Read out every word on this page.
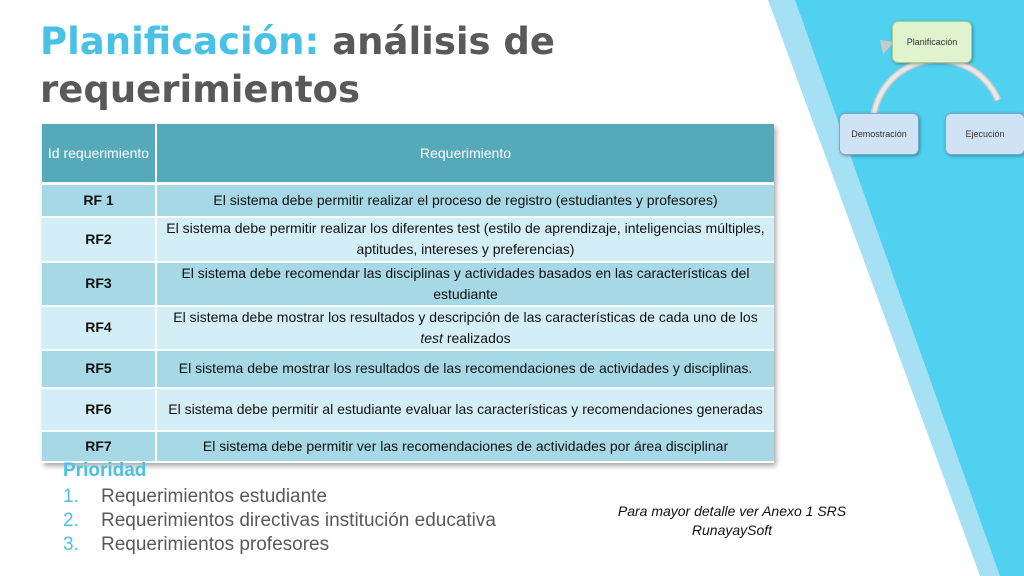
Planificación: análisis de requerimientos
Id requerimiento	Requerimiento
RF 1	El sistema debe permitir realizar el proceso de registro (estudiantes y profesores)
RF2	El sistema debe permitir realizar los diferentes test (estilo de aprendizaje, inteligencias múltiples, aptitudes, intereses y preferencias)
RF3	El sistema debe recomendar las disciplinas y actividades basados en las características del estudiante
RF4	El sistema debe mostrar los resultados y descripción de las características de cada uno de los test realizados
RF5	El sistema debe mostrar los resultados de las recomendaciones de actividades y disciplinas.
RF6	El sistema debe permitir al estudiante evaluar las características y recomendaciones generadas
RF7	El sistema debe permitir ver las recomendaciones de actividades por área disciplinar
Prioridad
1. Requerimientos estudiante
2. Requerimientos directivas institución educativa
3. Requerimientos profesores
Para mayor detalle ver Anexo 1 SRS
RunayaySoft
Planificación
Ejecución
Demostración
